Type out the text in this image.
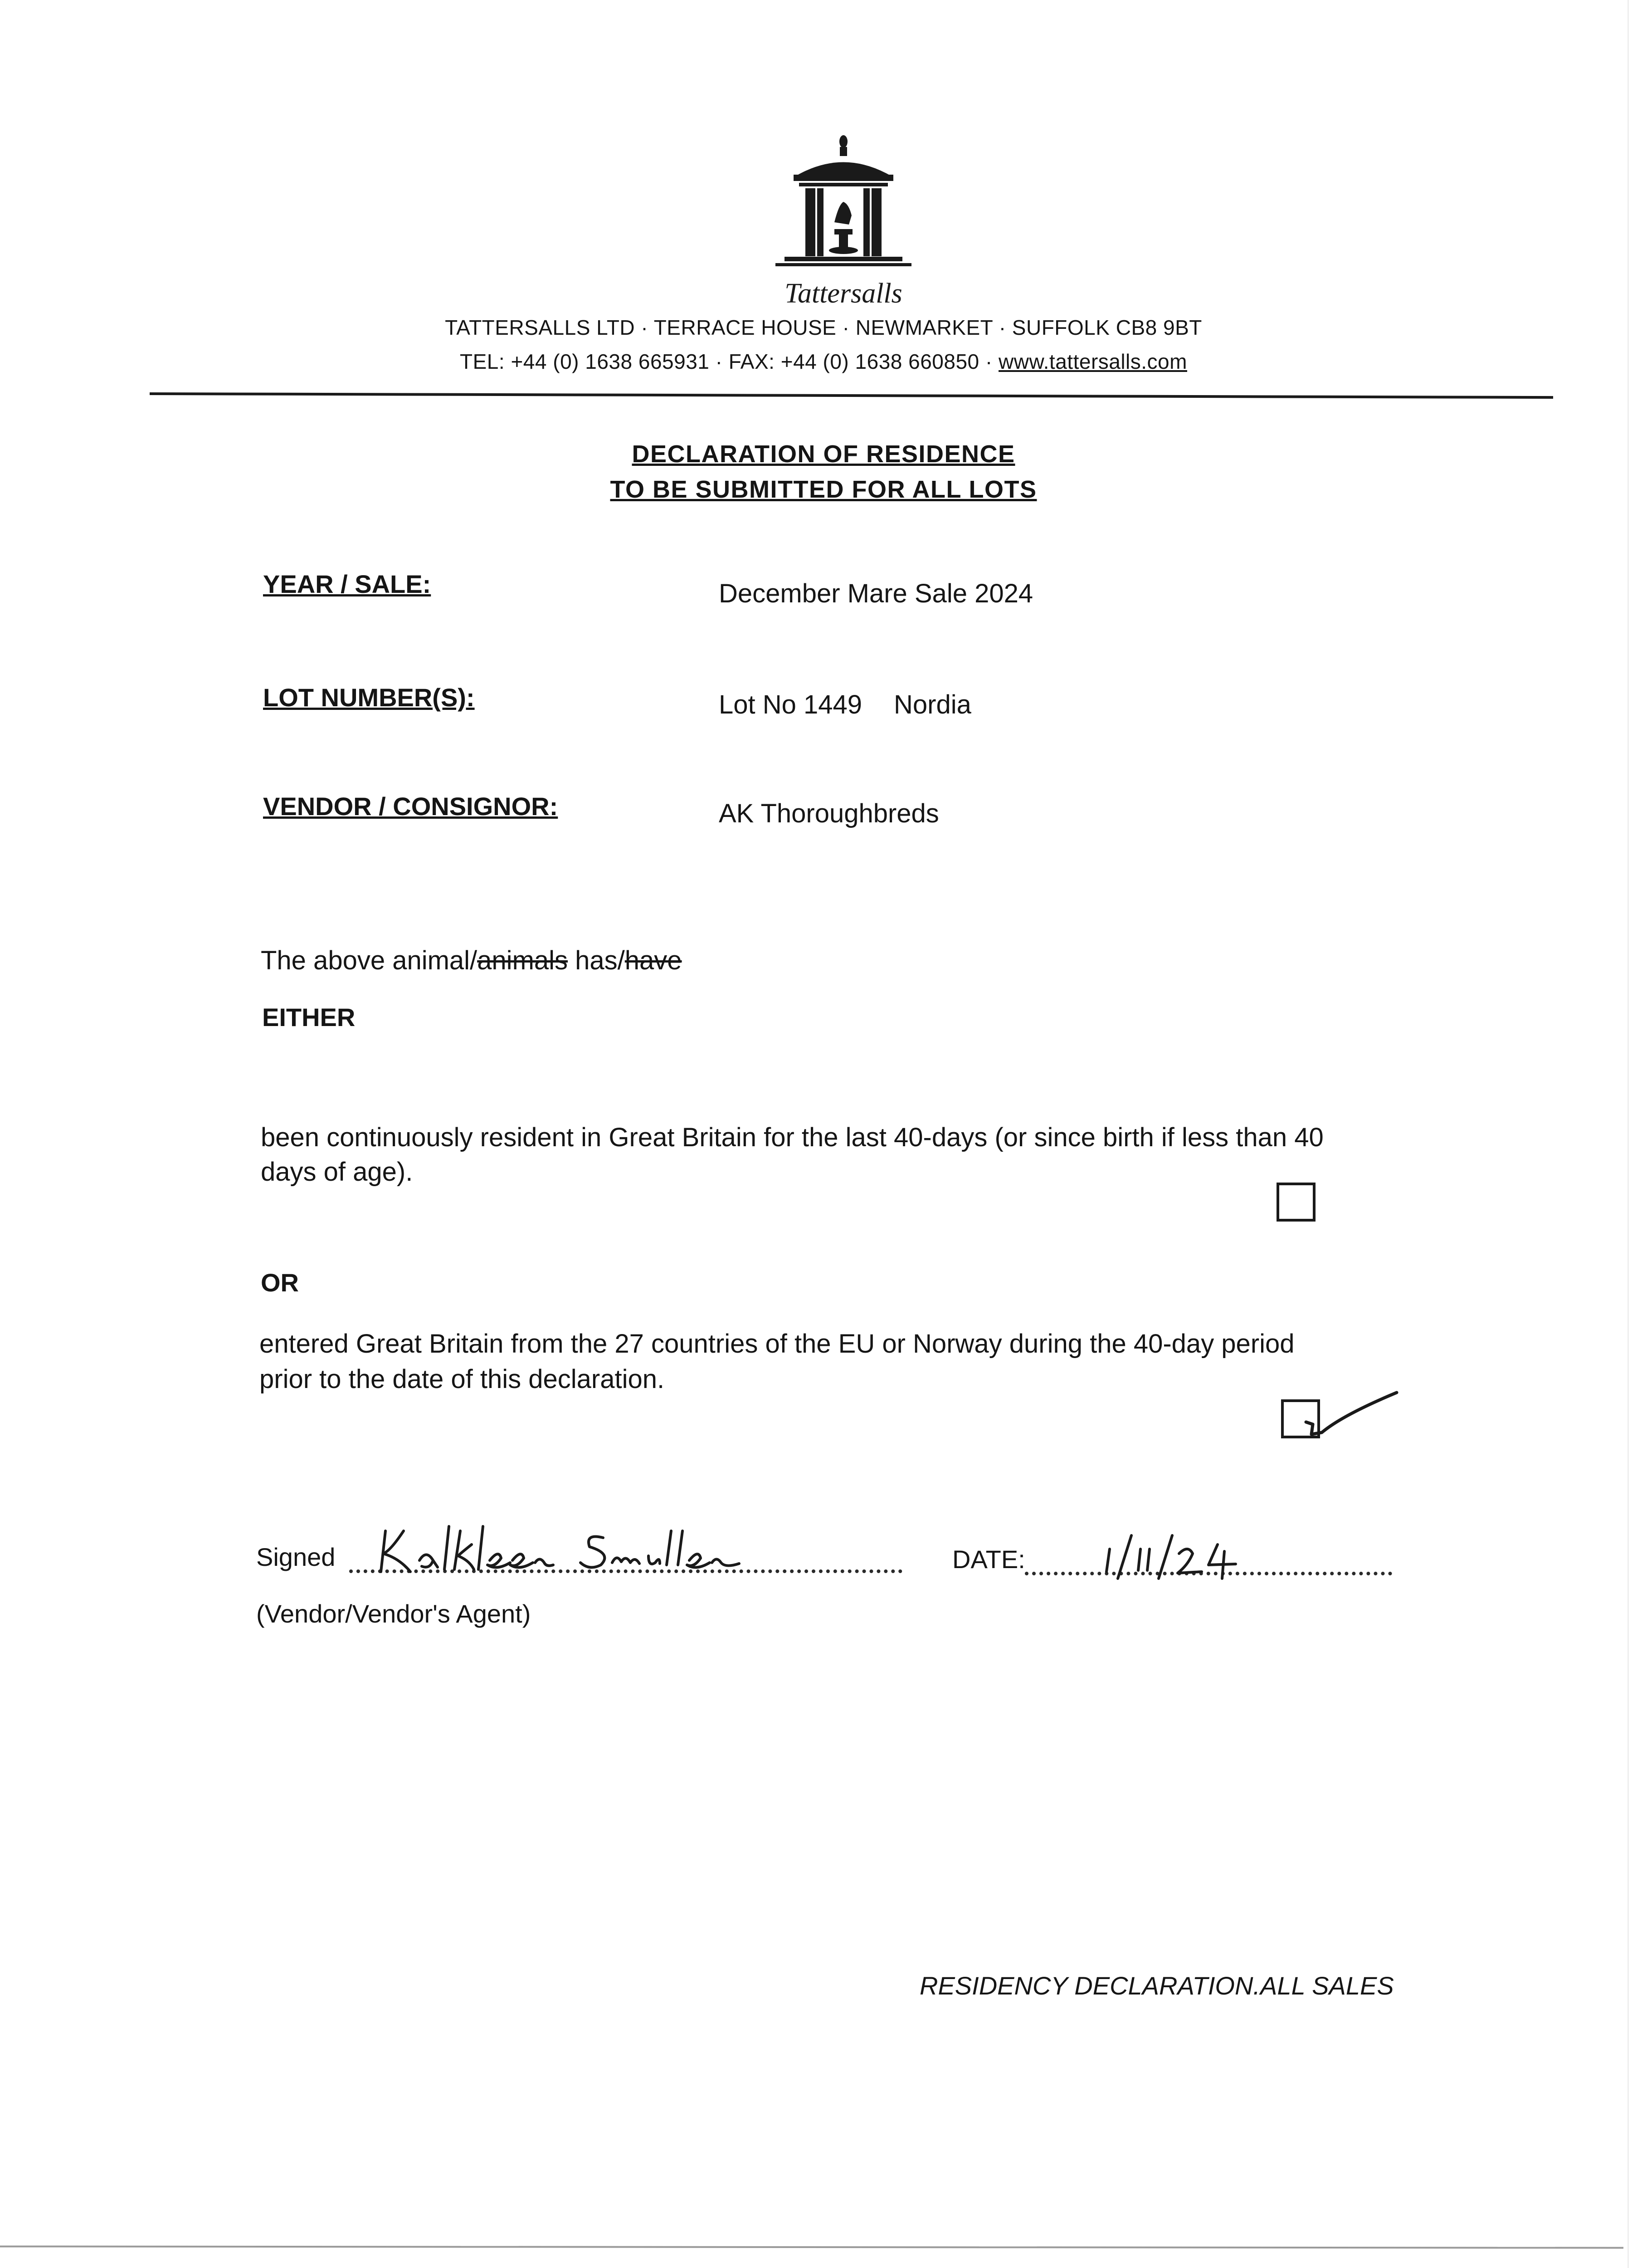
Tattersalls
TATTERSALLS LTD · TERRACE HOUSE · NEWMARKET · SUFFOLK CB8 9BT
TEL: +44 (0) 1638 665931 · FAX: +44 (0) 1638 660850 · www.tattersalls.com
DECLARATION OF RESIDENCE
TO BE SUBMITTED FOR ALL LOTS
YEAR / SALE:	December Mare Sale 2024
LOT NUMBER(S):	Lot No 1449 Nordia
VENDOR / CONSIGNOR:	AK Thoroughbreds
The above animal/animals has/have
EITHER
been continuously resident in Great Britain for the last 40-days (or since birth if less than 40
days of age).
OR
entered Great Britain from the 27 countries of the EU or Norway during the 40-day period
prior to the date of this declaration.
Signed	DATE:
(Vendor/Vendor's Agent)
RESIDENCY DECLARATION.ALL SALES
